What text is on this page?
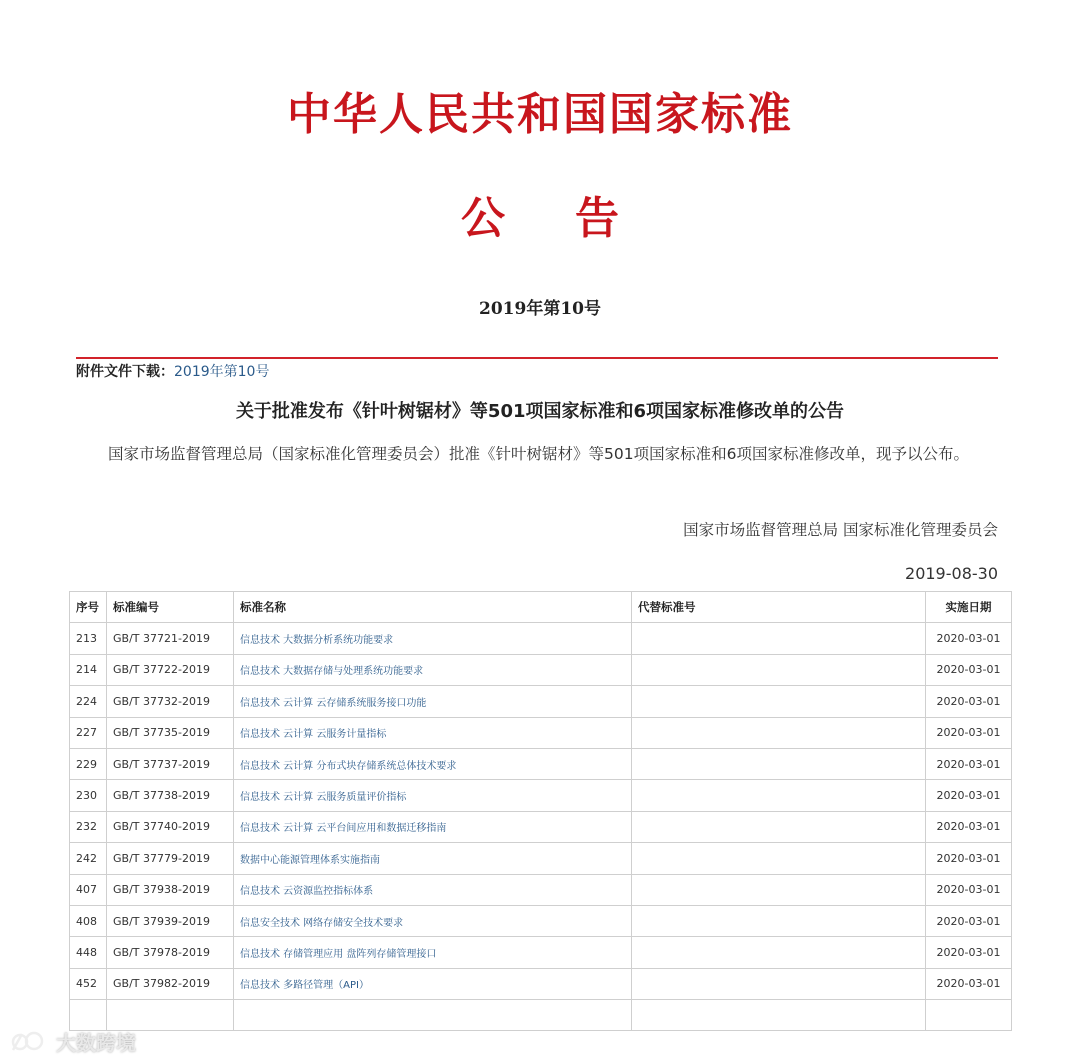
中华人民共和国国家标准
公告
2019年第10号
附件文件下载：2019年第10号
关于批准发布《针叶树锯材》等501项国家标准和6项国家标准修改单的公告
国家市场监督管理总局（国家标准化管理委员会）批准《针叶树锯材》等501项国家标准和6项国家标准修改单，现予以公布。
国家市场监督管理总局 国家标准化管理委员会
2019-08-30
序号	标准编号	标准名称	代替标准号	实施日期
213	GB/T 37721-2019	信息技术 大数据分析系统功能要求		2020-03-01
214	GB/T 37722-2019	信息技术 大数据存储与处理系统功能要求		2020-03-01
224	GB/T 37732-2019	信息技术 云计算 云存储系统服务接口功能		2020-03-01
227	GB/T 37735-2019	信息技术 云计算 云服务计量指标		2020-03-01
229	GB/T 37737-2019	信息技术 云计算 分布式块存储系统总体技术要求		2020-03-01
230	GB/T 37738-2019	信息技术 云计算 云服务质量评价指标		2020-03-01
232	GB/T 37740-2019	信息技术 云计算 云平台间应用和数据迁移指南		2020-03-01
242	GB/T 37779-2019	数据中心能源管理体系实施指南		2020-03-01
407	GB/T 37938-2019	信息技术 云资源监控指标体系		2020-03-01
408	GB/T 37939-2019	信息安全技术 网络存储安全技术要求		2020-03-01
448	GB/T 37978-2019	信息技术 存储管理应用 盘阵列存储管理接口		2020-03-01
452	GB/T 37982-2019	信息技术 多路径管理（API）		2020-03-01

大数跨境
